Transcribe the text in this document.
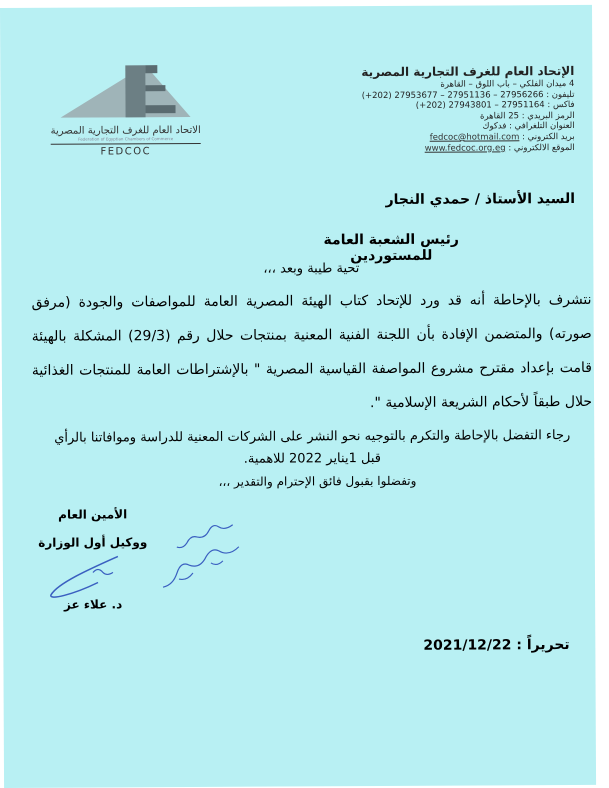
الاتحاد العام للغرف التجارية المصرية
Federation of Egyptian Chambers of Commerce
FEDCOC
الإتحاد العام للغرف التجارية المصرية
4 ميدان الفلكي – باب اللوق – القاهرة
تليفون : 27956266 – 27951136 – 27953677 (202+)
فاكس : 27951164 – 27943801 (202+)
الرمز البريدي : 25 القاهرة
العنوان التلغرافي : فدكوك
بريد الكتروني : fedcoc@hotmail.com
الموقع الالكتروني : www.fedcoc.org.eg
السيد الأستاذ / حمدي النجار
رئيس الشعبة العامة للمستوردين
تحية طيبة وبعد ،،،
نتشرف بالإحاطة أنه قد ورد للإتحاد كتاب الهيئة المصرية العامة للمواصفات والجودة (مرفق صورته) والمتضمن الإفادة بأن اللجنة الفنية المعنية بمنتجات حلال رقم (29/3) المشكلة بالهيئة قامت بإعداد مقترح مشروع المواصفة القياسية المصرية " بالإشتراطات العامة للمنتجات الغذائية حلال طبقاً لأحكام الشريعة الإسلامية ".
رجاء التفضل بالإحاطة والتكرم بالتوجيه نحو النشر على الشركات المعنية للدراسة وموافاتنا بالرأي
قبل 1يناير 2022 للاهمية.
وتفضلوا بقبول فائق الإحترام والتقدير ،،،
الأمين العام
ووكيل أول الوزارة
د. علاء عز
تحريراً : 2021/12/22
